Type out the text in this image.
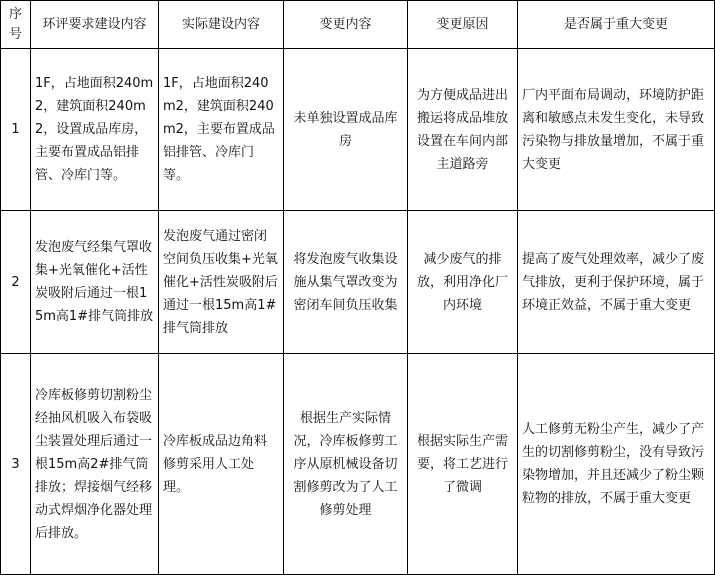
序号	环评要求建设内容	实际建设内容	变更内容	变更原因	是否属于重大变更
1	1F，占地面积240m2，建筑面积240m2，设置成品库房，主要布置成品铝排管、冷库门等。	1F，占地面积240m2，建筑面积240m2，主要布置成品铝排管、冷库门等。	未单独设置成品库房	为方便成品进出搬运将成品堆放设置在车间内部主道路旁	厂内平面布局调动，环境防护距离和敏感点未发生变化，未导致污染物与排放量增加，不属于重大变更
2	发泡废气经集气罩收集+光氧催化+活性炭吸附后通过一根15m高1#排气筒排放	发泡废气通过密闭空间负压收集+光氧催化+活性炭吸附后通过一根15m高1#排气筒排放	将发泡废气收集设施从集气罩改变为密闭车间负压收集	减少废气的排放，利用净化厂内环境	提高了废气处理效率，减少了废气排放，更利于保护环境，属于环境正效益，不属于重大变更
3	冷库板修剪切割粉尘经抽风机吸入布袋吸尘装置处理后通过一根15m高2#排气筒排放；焊接烟气经移动式焊烟净化器处理后排放。	冷库板成品边角料修剪采用人工处理。	根据生产实际情况，冷库板修剪工序从原机械设备切割修剪改为了人工修剪处理	根据实际生产需要，将工艺进行了微调	人工修剪无粉尘产生，减少了产生的切割修剪粉尘，没有导致污染物增加，并且还减少了粉尘颗粒物的排放，不属于重大变更
